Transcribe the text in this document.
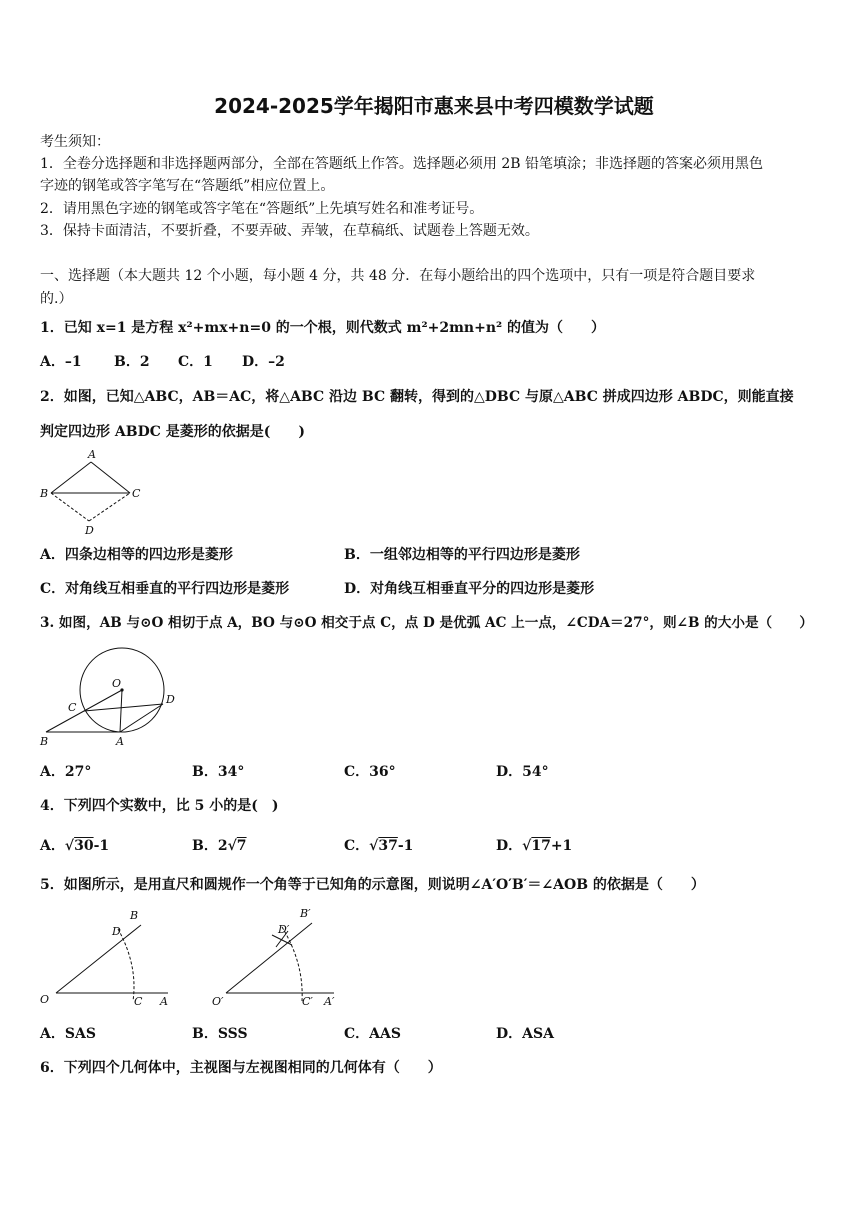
2024-2025学年揭阳市惠来县中考四模数学试题
考生须知：
1．全卷分选择题和非选择题两部分，全部在答题纸上作答。选择题必须用 2B 铅笔填涂；非选择题的答案必须用黑色
字迹的钢笔或答字笔写在“答题纸”相应位置上。
2．请用黑色字迹的钢笔或答字笔在“答题纸”上先填写姓名和准考证号。
3．保持卡面清洁，不要折叠，不要弄破、弄皱，在草稿纸、试题卷上答题无效。
一、选择题（本大题共 12 个小题，每小题 4 分，共 48 分．在每小题给出的四个选项中，只有一项是符合题目要求
的.）
1．已知 x=1 是方程 x²+mx+n=0 的一个根，则代数式 m²+2mn+n² 的值为（　　）
A．–1 B．2 C．1 D．–2
2．如图，已知△ABC，AB＝AC，将△ABC 沿边 BC 翻转，得到的△DBC 与原△ABC 拼成四边形 ABDC，则能直接
判定四边形 ABDC 是菱形的依据是(　　)
A
B	C
D
A．四条边相等的四边形是菱形	B．一组邻边相等的平行四边形是菱形
C．对角线互相垂直的平行四边形是菱形	D．对角线互相垂直平分的四边形是菱形
3. 如图，AB 与⊙O 相切于点 A，BO 与⊙O 相交于点 C，点 D 是优弧 AC 上一点，∠CDA＝27°，则∠B 的大小是（　　）
O
C
D
B	A
A．27°	B．34°	C．36°	D．54°
4．下列四个实数中，比 5 小的是(　)
A．√30-1	B．2√7	C．√37-1	D．√17+1
5．如图所示，是用直尺和圆规作一个角等于已知角的示意图，则说明∠A′O′B′＝∠AOB 的依据是（　　）
B
D
O	C A
B′
D′
O′	C′ A′
A．SAS	B．SSS	C．AAS	D．ASA
6．下列四个几何体中，主视图与左视图相同的几何体有（　　）
